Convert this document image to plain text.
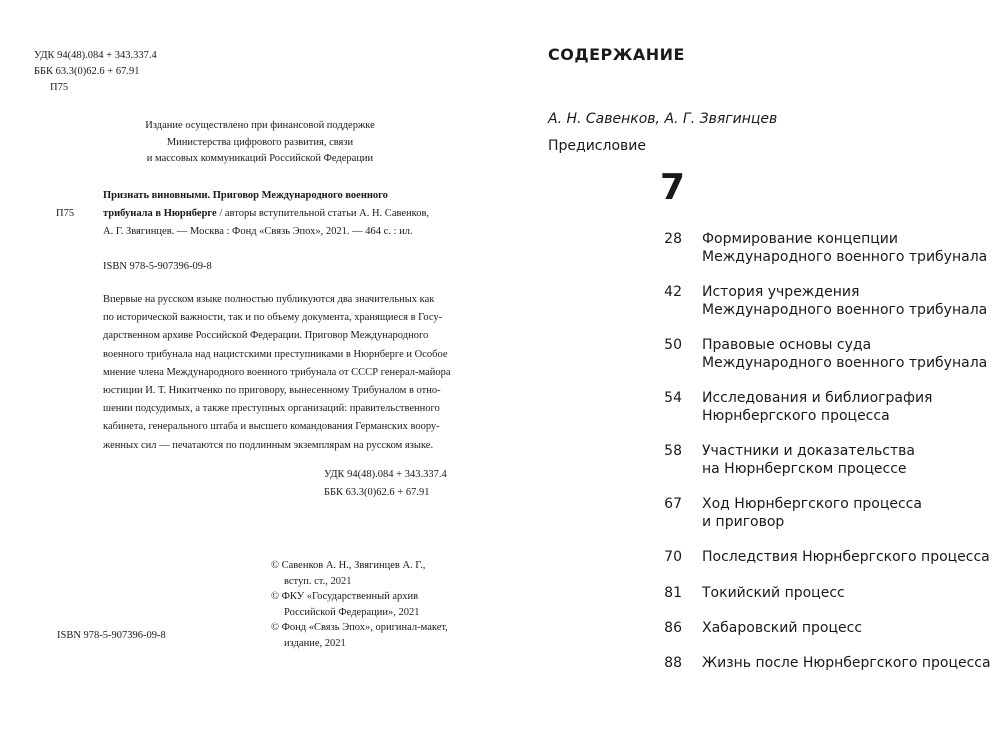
УДК 94(48).084 + 343.337.4
ББК 63.3(0)62.6 + 67.91
П75
Издание осуществлено при финансовой поддержке
Министерства цифрового развития, связи
и массовых коммуникаций Российской Федерации
Признать виновными. Приговор Международного военного
П75	трибунала в Нюрнберге / авторы вступительной статьи А. Н. Савенков,
А. Г. Звягинцев. — Москва : Фонд «Связь Эпох», 2021. — 464 с. : ил.
ISBN 978-5-907396-09-8
Впервые на русском языке полностью публикуются два значительных как
по исторической важности, так и по объему документа, хранящиеся в Госу-
дарственном архиве Российской Федерации. Приговор Международного
военного трибунала над нацистскими преступниками в Нюрнберге и Особое
мнение члена Международного военного трибунала от СССР генерал-майора
юстиции И. Т. Никитченко по приговору, вынесенному Трибуналом в отно-
шении подсудимых, а также преступных организаций: правительственного
кабинета, генерального штаба и высшего командования Германских воору-
женных сил — печатаются по подлинным экземплярам на русском языке.
УДК 94(48).084 + 343.337.4
ББК 63.3(0)62.6 + 67.91
© Савенков А. Н., Звягинцев А. Г.,
вступ. ст., 2021
© ФКУ «Государственный архив
Российской Федерации», 2021
© Фонд «Связь Эпох», оригинал-макет,
издание, 2021
ISBN 978-5-907396-09-8
СОДЕРЖАНИЕ
А. Н. Савенков, А. Г. Звягинцев
Предисловие
7
28 Формирование концепции
Международного военного трибунала
42 История учреждения
Международного военного трибунала
50 Правовые основы суда
Международного военного трибунала
54 Исследования и библиография
Нюрнбергского процесса
58 Участники и доказательства
на Нюрнбергском процессе
67 Ход Нюрнбергского процесса
и приговор
70 Последствия Нюрнбергского процесса
81 Токийский процесс
86 Хабаровский процесс
88 Жизнь после Нюрнбергского процесса
